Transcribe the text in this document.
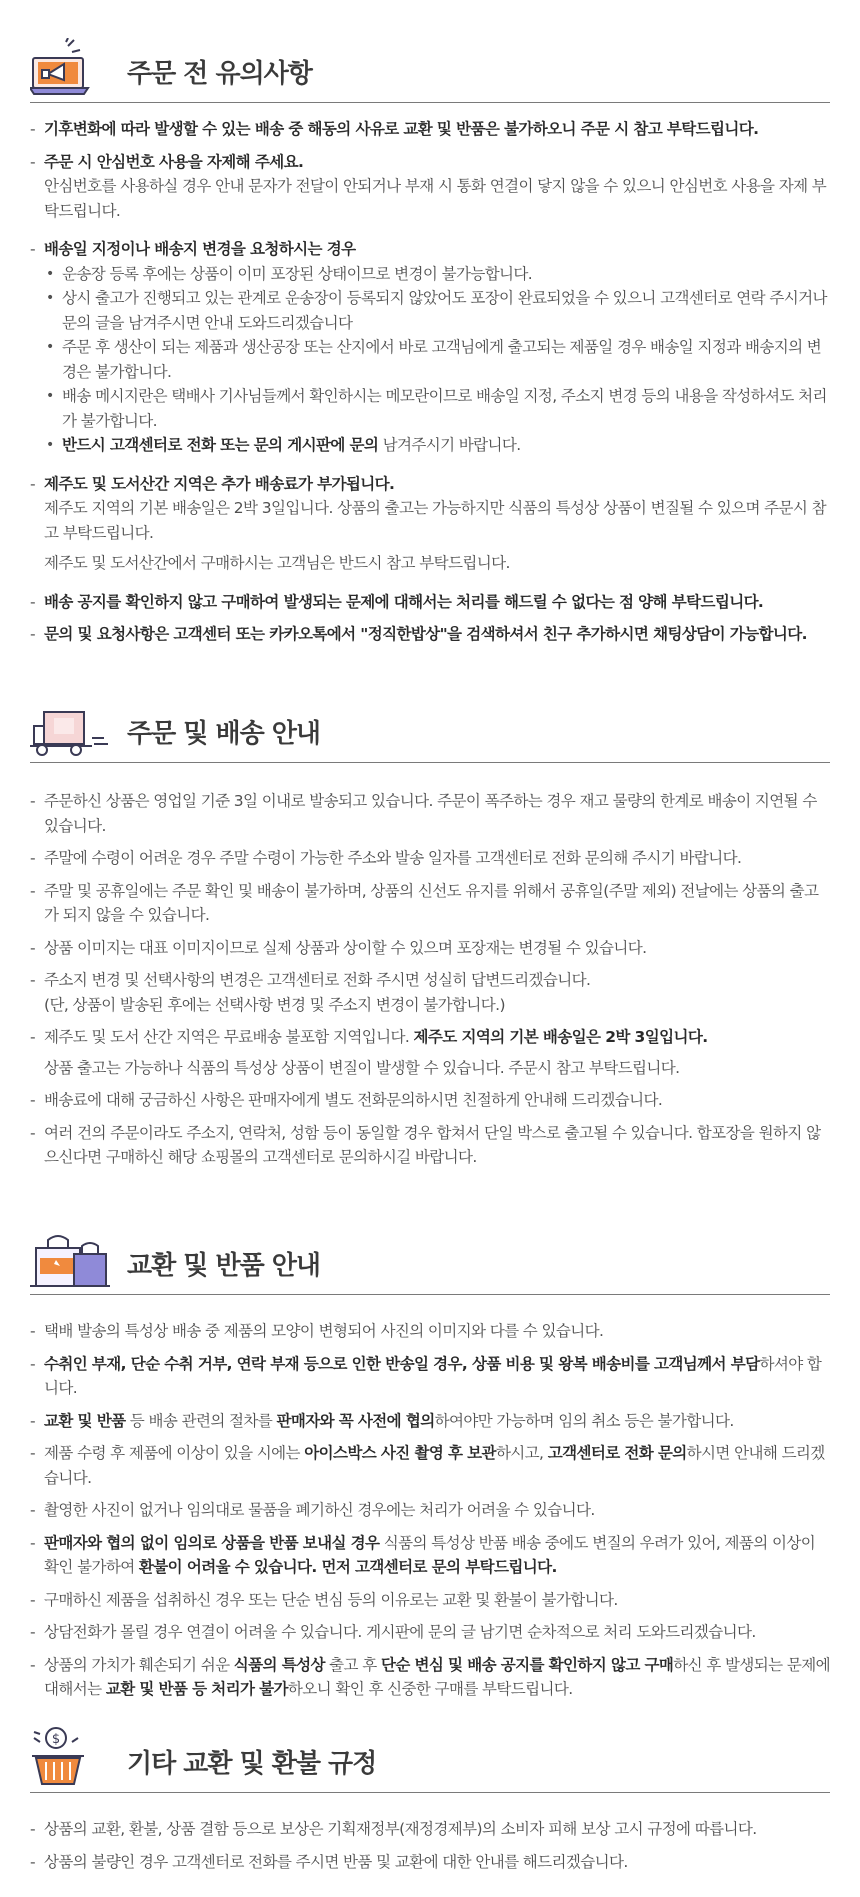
주문 전 유의사항
- 기후변화에 따라 발생할 수 있는 배송 중 해동의 사유로 교환 및 반품은 불가하오니 주문 시 참고 부탁드립니다.
- 주문 시 안심번호 사용을 자제해 주세요.
안심번호를 사용하실 경우 안내 문자가 전달이 안되거나 부재 시 통화 연결이 닿지 않을 수 있으니 안심번호 사용을 자제 부탁드립니다.
- 배송일 지정이나 배송지 변경을 요청하시는 경우
• 운송장 등록 후에는 상품이 이미 포장된 상태이므로 변경이 불가능합니다.
• 상시 출고가 진행되고 있는 관계로 운송장이 등록되지 않았어도 포장이 완료되었을 수 있으니 고객센터로 연락 주시거나 문의 글을 남겨주시면 안내 도와드리겠습니다
• 주문 후 생산이 되는 제품과 생산공장 또는 산지에서 바로 고객님에게 출고되는 제품일 경우 배송일 지정과 배송지의 변경은 불가합니다.
• 배송 메시지란은 택배사 기사님들께서 확인하시는 메모란이므로 배송일 지정, 주소지 변경 등의 내용을 작성하셔도 처리가 불가합니다.
• 반드시 고객센터로 전화 또는 문의 게시판에 문의 남겨주시기 바랍니다.
- 제주도 및 도서산간 지역은 추가 배송료가 부가됩니다.
제주도 지역의 기본 배송일은 2박 3일입니다. 상품의 출고는 가능하지만 식품의 특성상 상품이 변질될 수 있으며 주문시 참고 부탁드립니다.
제주도 및 도서산간에서 구매하시는 고객님은 반드시 참고 부탁드립니다.
- 배송 공지를 확인하지 않고 구매하여 발생되는 문제에 대해서는 처리를 해드릴 수 없다는 점 양해 부탁드립니다.
- 문의 및 요청사항은 고객센터 또는 카카오톡에서 "정직한밥상"을 검색하셔서 친구 추가하시면 채팅상담이 가능합니다.
주문 및 배송 안내
- 주문하신 상품은 영업일 기준 3일 이내로 발송되고 있습니다. 주문이 폭주하는 경우 재고 물량의 한계로 배송이 지연될 수 있습니다.
- 주말에 수령이 어려운 경우 주말 수령이 가능한 주소와 발송 일자를 고객센터로 전화 문의해 주시기 바랍니다.
- 주말 및 공휴일에는 주문 확인 및 배송이 불가하며, 상품의 신선도 유지를 위해서 공휴일(주말 제외) 전날에는 상품의 출고가 되지 않을 수 있습니다.
- 상품 이미지는 대표 이미지이므로 실제 상품과 상이할 수 있으며 포장재는 변경될 수 있습니다.
- 주소지 변경 및 선택사항의 변경은 고객센터로 전화 주시면 성실히 답변드리겠습니다.
(단, 상품이 발송된 후에는 선택사항 변경 및 주소지 변경이 불가합니다.)
- 제주도 및 도서 산간 지역은 무료배송 불포함 지역입니다. 제주도 지역의 기본 배송일은 2박 3일입니다.
상품 출고는 가능하나 식품의 특성상 상품이 변질이 발생할 수 있습니다. 주문시 참고 부탁드립니다.
- 배송료에 대해 궁금하신 사항은 판매자에게 별도 전화문의하시면 친절하게 안내해 드리겠습니다.
- 여러 건의 주문이라도 주소지, 연락처, 성함 등이 동일할 경우 합쳐서 단일 박스로 출고될 수 있습니다. 합포장을 원하지 않으신다면 구매하신 해당 쇼핑몰의 고객센터로 문의하시길 바랍니다.
교환 및 반품 안내
- 택배 발송의 특성상 배송 중 제품의 모양이 변형되어 사진의 이미지와 다를 수 있습니다.
- 수취인 부재, 단순 수취 거부, 연락 부재 등으로 인한 반송일 경우, 상품 비용 및 왕복 배송비를 고객님께서 부담하셔야 합니다.
- 교환 및 반품 등 배송 관련의 절차를 판매자와 꼭 사전에 협의하여야만 가능하며 임의 취소 등은 불가합니다.
- 제품 수령 후 제품에 이상이 있을 시에는 아이스박스 사진 촬영 후 보관하시고, 고객센터로 전화 문의하시면 안내해 드리겠습니다.
- 촬영한 사진이 없거나 임의대로 물품을 폐기하신 경우에는 처리가 어려울 수 있습니다.
- 판매자와 협의 없이 임의로 상품을 반품 보내실 경우 식품의 특성상 반품 배송 중에도 변질의 우려가 있어, 제품의 이상이 확인 불가하여 환불이 어려울 수 있습니다. 먼저 고객센터로 문의 부탁드립니다.
- 구매하신 제품을 섭취하신 경우 또는 단순 변심 등의 이유로는 교환 및 환불이 불가합니다.
- 상담전화가 몰릴 경우 연결이 어려울 수 있습니다. 게시판에 문의 글 남기면 순차적으로 처리 도와드리겠습니다.
- 상품의 가치가 훼손되기 쉬운 식품의 특성상 출고 후 단순 변심 및 배송 공지를 확인하지 않고 구매하신 후 발생되는 문제에 대해서는 교환 및 반품 등 처리가 불가하오니 확인 후 신중한 구매를 부탁드립니다.
$
기타 교환 및 환불 규정
- 상품의 교환, 환불, 상품 결함 등으로 보상은 기획재정부(재정경제부)의 소비자 피해 보상 고시 규정에 따릅니다.
- 상품의 불량인 경우 고객센터로 전화를 주시면 반품 및 교환에 대한 안내를 해드리겠습니다.
